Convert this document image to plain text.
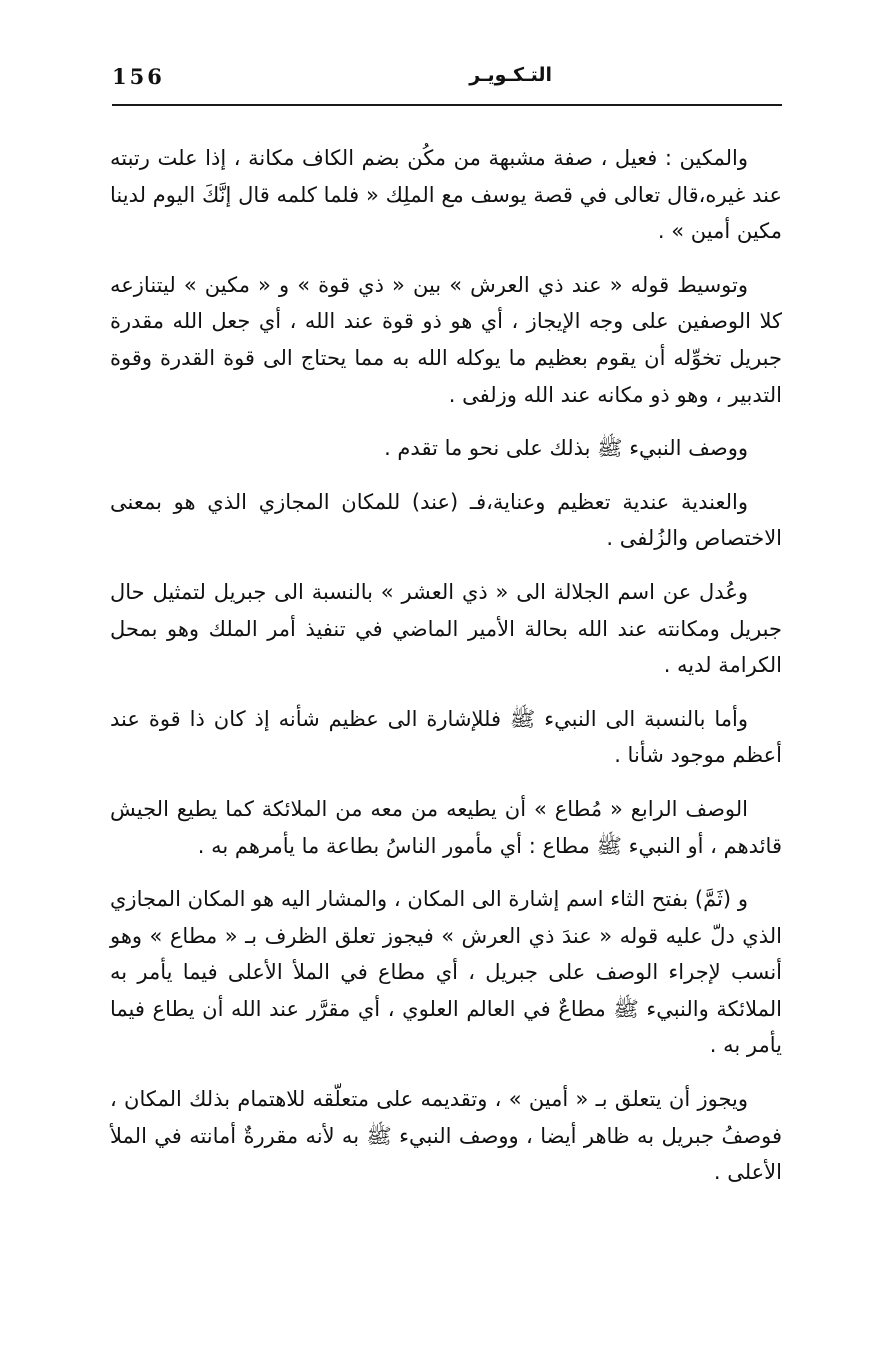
156	التـكـويـر

والمكين : فعيل ، صفة مشبهة من مكُن بضم الكاف مكانة ، إذا علت رتبته عند غيره،قال تعالى في قصة يوسف مع الملِك « فلما كلمه قال إنَّكَ اليوم لدينا مكين أمين » .

وتوسيط قوله « عند ذي العرش » بين « ذي قوة » و « مكين » ليتنازعه كلا الوصفين على وجه الإيجاز ، أي هو ذو قوة عند الله ، أي جعل الله مقدرة جبريل تخوِّله أن يقوم بعظيم ما يوكله الله به مما يحتاج الى قوة القدرة وقوة التدبير ، وهو ذو مكانه عند الله وزلفى .

ووصف النبيء ﷺ بذلك على نحو ما تقدم .

والعندية عندية تعظيم وعناية،فـ (عند) للمكان المجازي الذي هو بمعنى الاختصاص والزُلفى .

وعُدل عن اسم الجلالة الى « ذي العشر » بالنسبة الى جبريل لتمثيل حال جبريل ومكانته عند الله بحالة الأمير الماضي في تنفيذ أمر الملك وهو بمحل الكرامة لديه .

وأما بالنسبة الى النبيء ﷺ فللإشارة الى عظيم شأنه إذ كان ذا قوة عند أعظم موجود شأنا .

الوصف الرابع « مُطاع » أن يطيعه من معه من الملائكة كما يطيع الجيش قائدهم ، أو النبيء ﷺ مطاع : أي مأمور الناسُ بطاعة ما يأمرهم به .

و (ثَمَّ) بفتح الثاء اسم إشارة الى المكان ، والمشار اليه هو المكان المجازي الذي دلّ عليه قوله « عندَ ذي العرش » فيجوز تعلق الظرف بـ « مطاع » وهو أنسب لإجراء الوصف على جبريل ، أي مطاع في الملأ الأعلى فيما يأمر به الملائكة والنبيء ﷺ مطاعٌ في العالم العلوي ، أي مقرَّر عند الله أن يطاع فيما يأمر به .

ويجوز أن يتعلق بـ « أمين » ، وتقديمه على متعلّقه للاهتمام بذلك المكان ، فوصفُ جبريل به ظاهر أيضا ، ووصف النبيء ﷺ به لأنه مقررةٌ أمانته في الملأ الأعلى .
